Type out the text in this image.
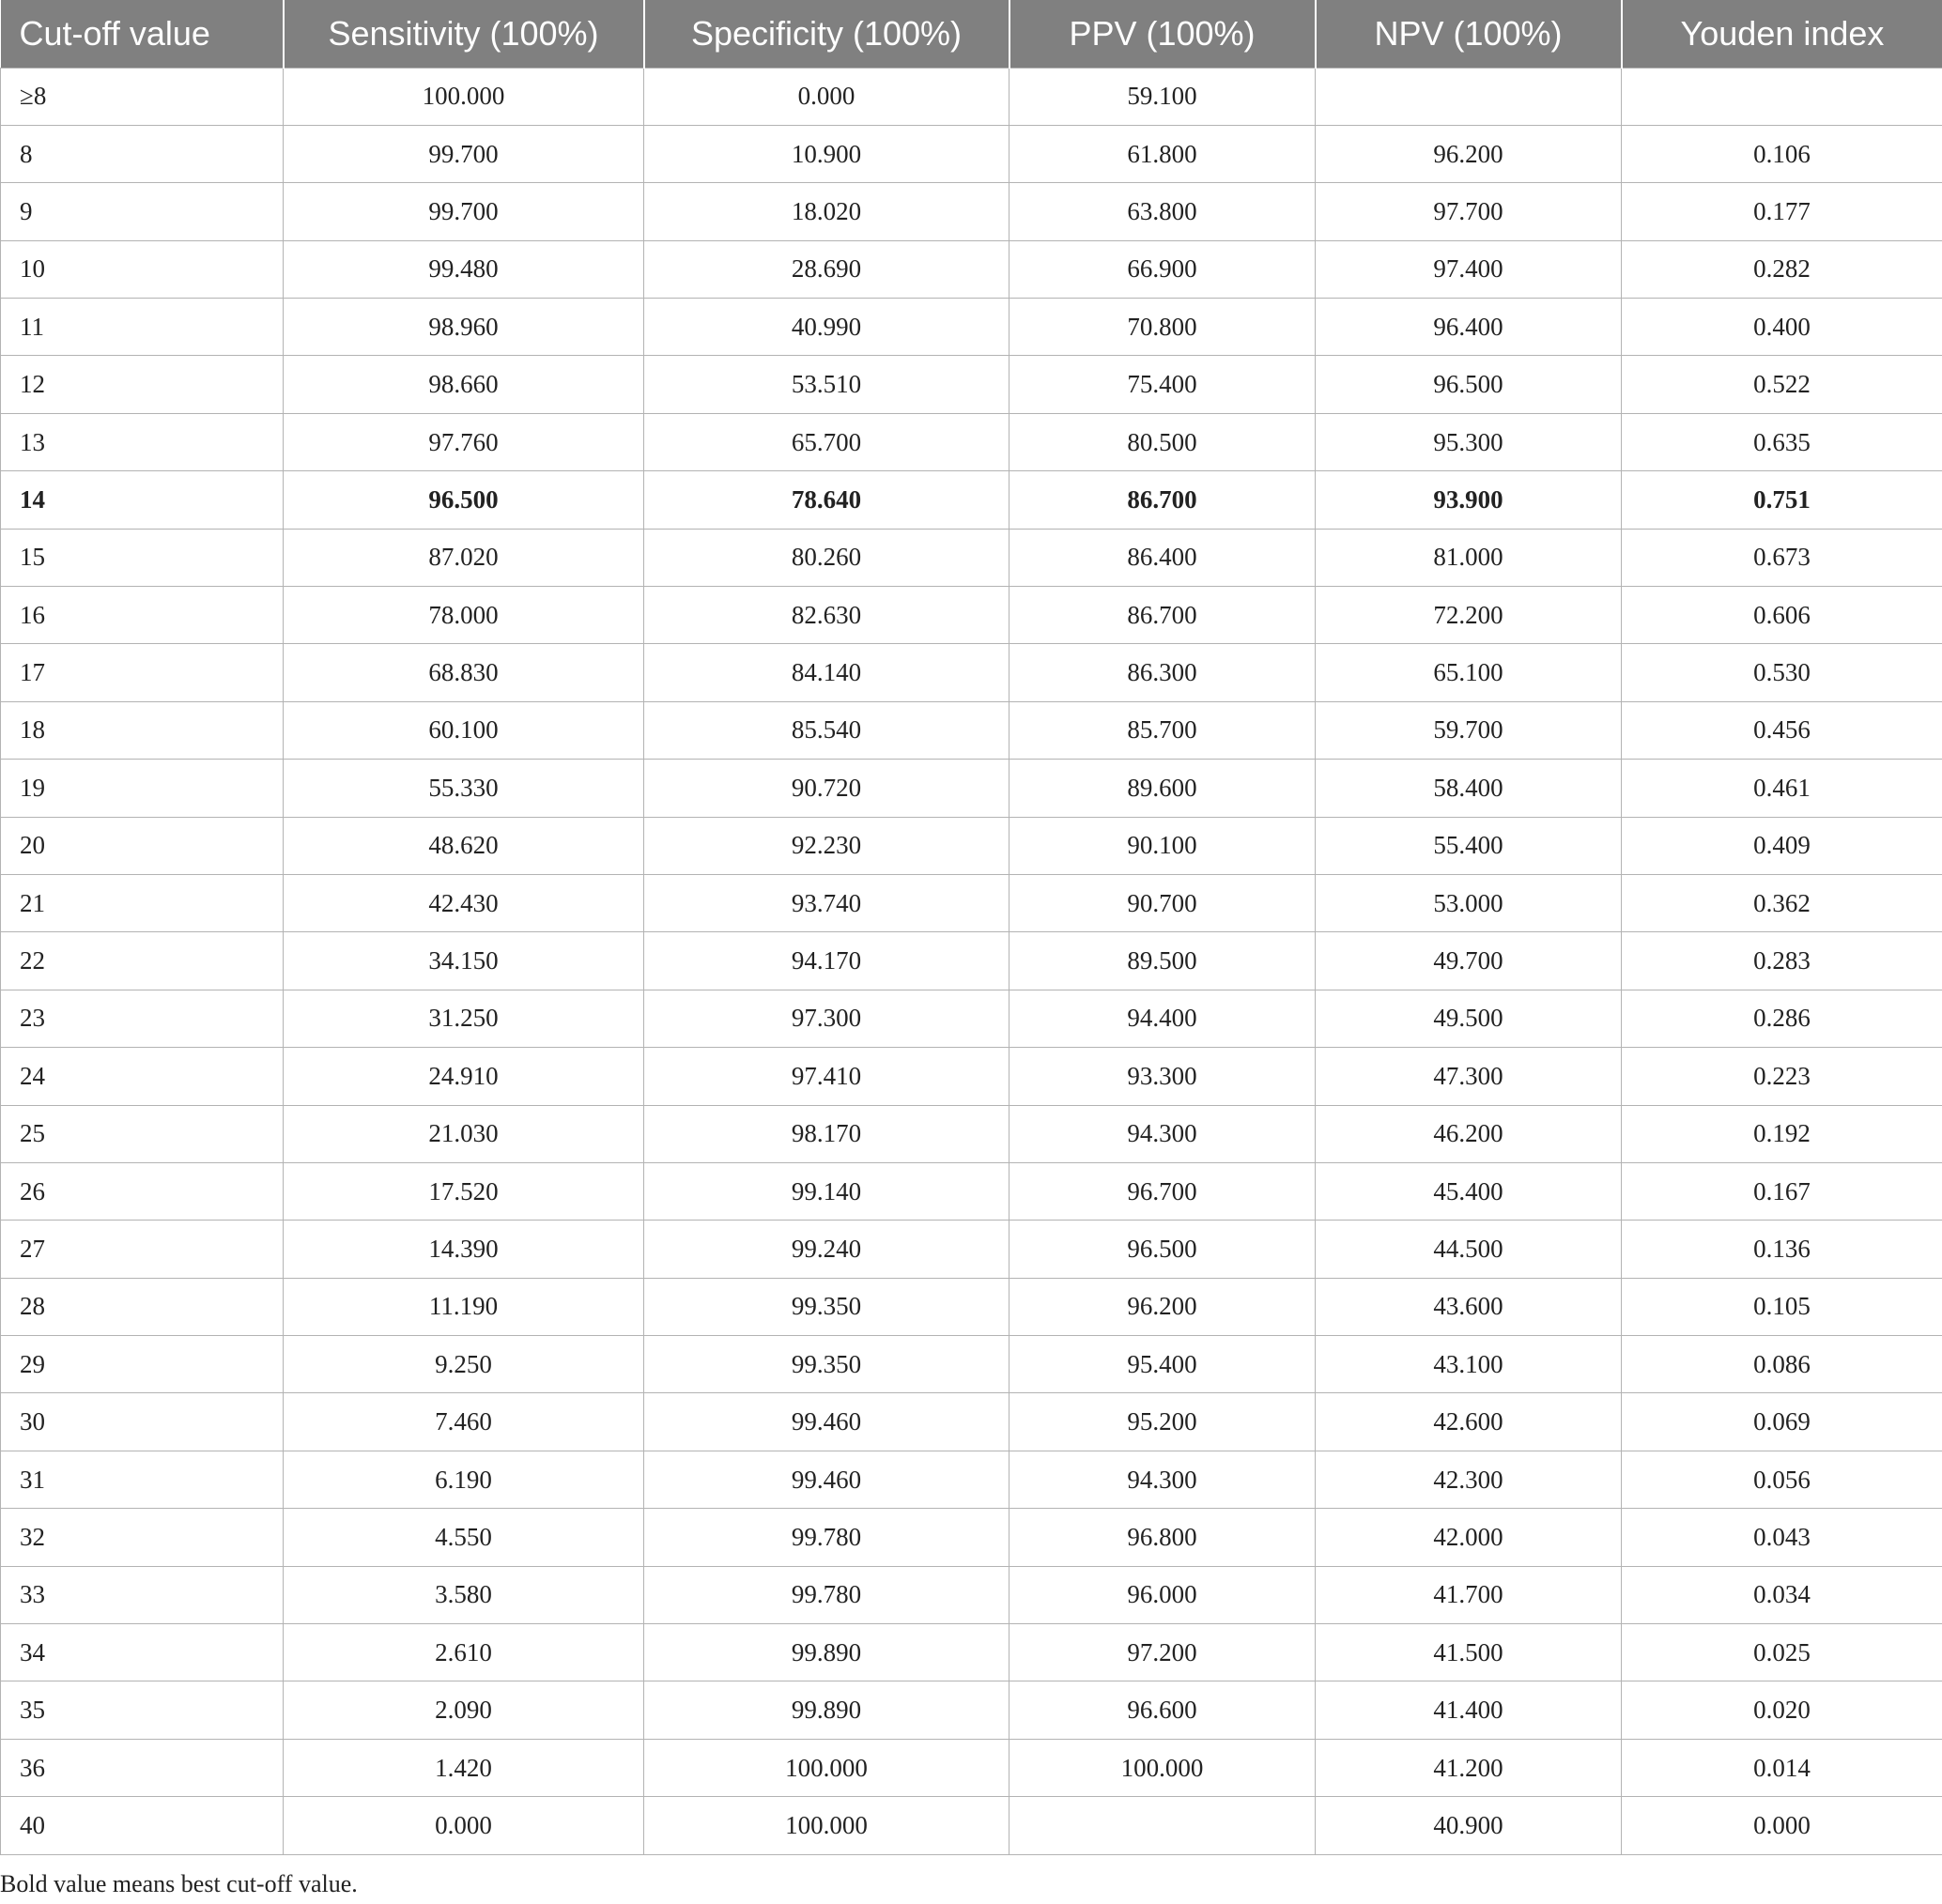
Cut-off value	Sensitivity (100%)	Specificity (100%)	PPV (100%)	NPV (100%)	Youden index
≥8	100.000	0.000	59.100		
8	99.700	10.900	61.800	96.200	0.106
9	99.700	18.020	63.800	97.700	0.177
10	99.480	28.690	66.900	97.400	0.282
11	98.960	40.990	70.800	96.400	0.400
12	98.660	53.510	75.400	96.500	0.522
13	97.760	65.700	80.500	95.300	0.635
14	96.500	78.640	86.700	93.900	0.751
15	87.020	80.260	86.400	81.000	0.673
16	78.000	82.630	86.700	72.200	0.606
17	68.830	84.140	86.300	65.100	0.530
18	60.100	85.540	85.700	59.700	0.456
19	55.330	90.720	89.600	58.400	0.461
20	48.620	92.230	90.100	55.400	0.409
21	42.430	93.740	90.700	53.000	0.362
22	34.150	94.170	89.500	49.700	0.283
23	31.250	97.300	94.400	49.500	0.286
24	24.910	97.410	93.300	47.300	0.223
25	21.030	98.170	94.300	46.200	0.192
26	17.520	99.140	96.700	45.400	0.167
27	14.390	99.240	96.500	44.500	0.136
28	11.190	99.350	96.200	43.600	0.105
29	9.250	99.350	95.400	43.100	0.086
30	7.460	99.460	95.200	42.600	0.069
31	6.190	99.460	94.300	42.300	0.056
32	4.550	99.780	96.800	42.000	0.043
33	3.580	99.780	96.000	41.700	0.034
34	2.610	99.890	97.200	41.500	0.025
35	2.090	99.890	96.600	41.400	0.020
36	1.420	100.000	100.000	41.200	0.014
40	0.000	100.000		40.900	0.000
Bold value means best cut-off value.
